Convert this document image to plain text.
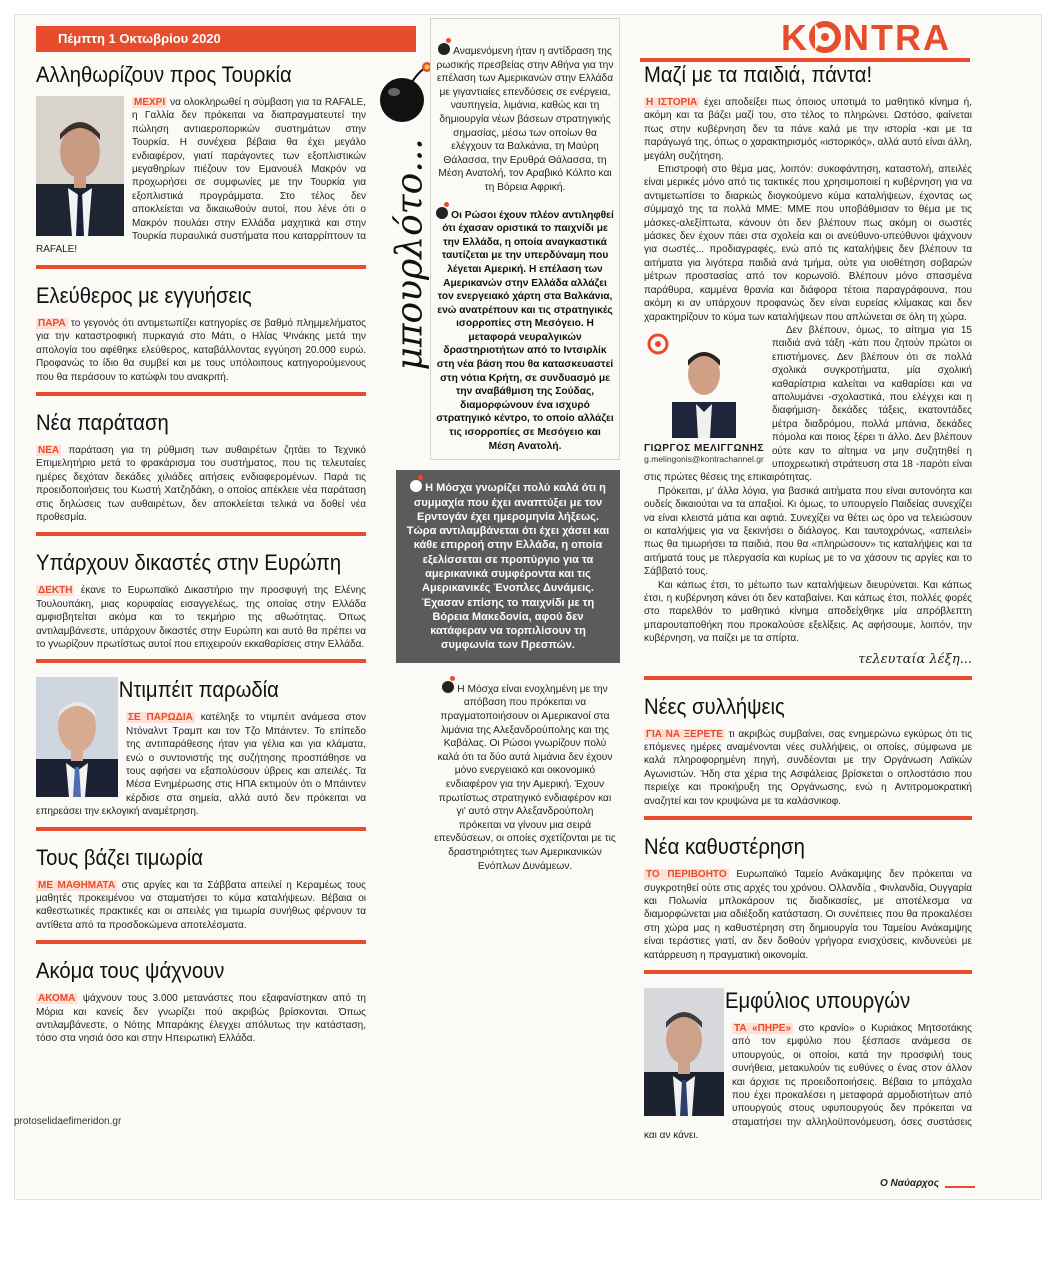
Πέμπτη 1 Οκτωβρίου 2020	K NTRA
Αλληθωρίζουν προς Τουρκία

ΜΕΧΡΙ να ολοκληρωθεί η σύμβαση για τα RAFALE, η Γαλλία δεν πρόκειται να διαπραγματευτεί την πώληση αντιαεροπορικών συστημάτων στην Τουρκία. Η συνέχεια βέβαια θα έχει μεγάλο ενδιαφέρον, γιατί παράγοντες των εξοπλιστικών μεγαθηρίων πιέζουν τον Εμανουέλ Μακρόν να προχωρήσει σε συμφωνίες με την Τουρκία για εξοπλιστικά προγράμματα. Στο τέλος δεν αποκλείεται να δικαιωθούν αυτοί, που λένε ότι ο Μακρόν πουλάει στην Ελλάδα μαχητικά και στην Τουρκία πυραυλικά συστήματα που καταρρίπτουν τα RAFALE!

Ελεύθερος με εγγυήσεις

ΠΑΡΑ το γεγονός ότι αντιμετωπίζει κατηγορίες σε βαθμό πλημμελήματος για την καταστροφική πυρκαγιά στο Μάτι, ο Ηλίας Ψινάκης μετά την απολογία του αφέθηκε ελεύθερος, καταβάλλοντας εγγύηση 20.000 ευρώ. Προφανώς το ίδιο θα συμβεί και με τους υπόλοιπους κατηγορούμενους που θα περάσουν το κατώφλι του ανακριτή.

Νέα παράταση

ΝΕΑ παράταση για τη ρύθμιση των αυθαιρέτων ζητάει το Τεχνικό Επιμελητήριο μετά το φρακάρισμα του συστήματος, που τις τελευταίες ημέρες δεχόταν δεκάδες χιλιάδες αιτήσεις ενδιαφερομένων. Παρά τις προειδοποιήσεις του Κωστή Χατζηδάκη, ο οποίος απέκλειε νέα παράταση στις δηλώσεις των αυθαιρέτων, δεν αποκλείεται τελικά να δοθεί νέα προθεσμία.

Υπάρχουν δικαστές στην Ευρώπη

ΔΕΚΤΗ έκανε το Ευρωπαϊκό Δικαστήριο την προσφυγή της Ελένης Τουλουπάκη, μιας κορυφαίας εισαγγελέως, της οποίας στην Ελλάδα αμφισβητείται ακόμα και το τεκμήριο της αθωότητας. Όπως αντιλαμβάνεστε, υπάρχουν δικαστές στην Ευρώπη και αυτό θα πρέπει να το γνωρίζουν πρωτίστως αυτοί που επιχειρούν εκκαθαρίσεις στην Ελλάδα.

Ντιμπέιτ παρωδία

ΣΕ ΠΑΡΩΔΙΑ κατέληξε το ντιμπέιτ ανάμεσα στον Ντόναλντ Τραμπ και τον Τζο Μπάιντεν. Το επίπεδο της αντιπαράθεσης ήταν για γέλια και για κλάματα, ενώ ο συντονιστής της συζήτησης προσπάθησε να τους αφήσει να εξαπολύσουν ύβρεις και απειλές. Τα Μέσα Ενημέρωσης στις ΗΠΑ εκτιμούν ότι ο Μπάιντεν κέρδισε στα σημεία, αλλά αυτό δεν πρόκειται να επηρεάσει την εκλογική αναμέτρηση.

Τους βάζει τιμωρία

ΜΕ ΜΑΘΗΜΑΤΑ στις αργίες και τα Σάββατα απειλεί η Κεραμέως τους μαθητές προκειμένου να σταματήσει το κύμα καταλήψεων. Βέβαια οι καθεστωτικές πρακτικές και οι απειλές για τιμωρία συνήθως φέρνουν τα αντίθετα από τα προσδοκώμενα αποτελέσματα.

Ακόμα τους ψάχνουν

ΑΚΟΜΑ ψάχνουν τους 3.000 μετανάστες που εξαφανίστηκαν από τη Μόρια και κανείς δεν γνωρίζει πού ακριβώς βρίσκονται. Όπως αντιλαμβάνεστε, ο Νότης Μπαράκης έλεγχει απόλυτως την κατάσταση, τόσο στα νησιά όσο και στην Ηπειρωτική Ελλάδα.

μπουρλότο...

Αναμενόμενη ήταν η αντίδραση της ρωσικής πρεσβείας στην Αθήνα για την επέλαση των Αμερικανών στην Ελλάδα με γιγαντιαίες επενδύσεις σε ενέργεια, ναυπηγεία, λιμάνια, καθώς και τη δημιουργία νέων βάσεων στρατηγικής σημασίας, μέσω των οποίων θα ελέγχουν τα Βαλκάνια, τη Μαύρη Θάλασσα, την Ερυθρά Θάλασσα, τη Μέση Ανατολή, τον Αραβικό Κόλπο και τη Βόρεια Αφρική.

Οι Ρώσοι έχουν πλέον αντιληφθεί ότι έχασαν οριστικά το παιχνίδι με την Ελλάδα, η οποία αναγκαστικά ταυτίζεται με την υπερδύναμη που λέγεται Αμερική. Η επέλαση των Αμερικανών στην Ελλάδα αλλάζει τον ενεργειακό χάρτη στα Βαλκάνια, ενώ ανατρέπουν και τις στρατηγικές ισορροπίες στη Μεσόγειο. Η μεταφορά νευραλγικών δραστηριοτήτων από το Ιντσιρλίκ στη νέα βάση που θα κατασκευαστεί στη νότια Κρήτη, σε συνδυασμό με την αναβάθμιση της Σούδας, διαμορφώνουν ένα ισχυρό στρατηγικό κέντρο, το οποίο αλλάζει τις ισορροπίες σε Μεσόγειο και Μέση Ανατολή.

Η Μόσχα γνωρίζει πολύ καλά ότι η συμμαχία που έχει αναπτύξει με τον Ερντογάν έχει ημερομηνία λήξεως. Τώρα αντιλαμβάνεται ότι έχει χάσει και κάθε επιρροή στην Ελλάδα, η οποία εξελίσσεται σε προπύργιο για τα αμερικανικά συμφέροντα και τις Αμερικανικές Ένοπλες Δυνάμεις. Έχασαν επίσης το παιχνίδι με τη Βόρεια Μακεδονία, αφού δεν κατάφεραν να τορπιλίσουν τη συμφωνία των Πρεσπών.

Η Μόσχα είναι ενοχλημένη με την απόβαση που πρόκειται να πραγματοποιήσουν οι Αμερικανοί στα λιμάνια της Αλεξανδρούπολης και της Καβάλας. Οι Ρώσοι γνωρίζουν πολύ καλά ότι τα δύο αυτά λιμάνια δεν έχουν μόνο ενεργειακό και οικονομικό ενδιαφέρον για την Αμερική. Έχουν πρωτίστως στρατηγικό ενδιαφέρον και γι' αυτό στην Αλεξανδρούπολη πρόκειται να γίνουν μια σειρά επενδύσεων, οι οποίες σχετίζονται με τις δραστηριότητες των Αμερικανικών Ενόπλων Δυνάμεων.

Μαζί με τα παιδιά, πάντα!

Η ΙΣΤΟΡΙΑ έχει αποδείξει πως όποιος υποτιμά το μαθητικό κίνημα ή, ακόμη και τα βάζει μαζί του, στο τέλος το πληρώνει. Ωστόσο, φαίνεται πως στην κυβέρνηση δεν τα πάνε καλά με την ιστορία -και με τα παράγωγά της, όπως ο χαρακτηρισμός «ιστορικός», αλλά αυτό είναι άλλη, μεγάλη συζήτηση.

Επιστροφή στο θέμα μας, λοιπόν: συκοφάντηση, καταστολή, απειλές είναι μερικές μόνο από τις τακτικές που χρησιμοποιεί η κυβέρνηση για να αντιμετωπίσει το διαρκώς διογκούμενο κύμα καταλήψεων, έχοντας ως σύμμαχό της τα πολλά ΜΜΕ: ΜΜΕ που υποβάθμισαν το θέμα με τις μάσκες-αλεξίπτωτα, κάνουν ότι δεν βλέπουν πως ακόμη οι σωστές μάσκες δεν έχουν πάει στα σχολεία και οι ανεύθυνο-υπεύθυνοι ψάχνουν για σωστές... προδιαγραφές, ενώ από τις καταλήψεις δεν βλέπουν τα αιτήματα για λιγότερα παιδιά ανά τμήμα, ούτε για υιοθέτηση σοβαρών μέτρων προστασίας από τον κορωνοϊό. Βλέπουν μόνο σπασμένα παράθυρα, καμμένα θρανία και διάφορα τέτοια παραγράφουνα, που ακόμη κι αν υπάρχουν προφανώς δεν είναι ευρείας κλίμακας και δεν χαρακτηρίζουν το κύμα των καταλήψεων που απλώνεται σε όλη τη χώρα.

ΓΙΩΡΓΟΣ ΜΕΛΙΓΓΩΝΗΣ
g.melingonis@kontrachannel.gr

Δεν βλέπουν, όμως, το αίτημα για 15 παιδιά ανά τάξη -κάτι που ζητούν πρώτοι οι επιστήμονες. Δεν βλέπουν ότι σε πολλά σχολικά συγκροτήματα, μία σχολική καθαρίστρια καλείται να καθαρίσει και να απολυμάνει -σχολαστικά, που ελέγχει και η διαφήμιση- δεκάδες τάξεις, εκατοντάδες μέτρα διαδρόμου, πολλά μπάνια, δεκάδες πόμολα και ποιος ξέρει τι άλλο. Δεν βλέπουν ούτε καν το αίτημα να μην συζητηθεί η υποχρεωτική στράτευση στα 18 -παρότι είναι στις πρώτες θέσεις της επικαιρότητας.

Πρόκειται, μ' άλλα λόγια, για βασικά αιτήματα που είναι αυτονόητα και ουδείς δικαιούται να τα απαξιοί. Κι όμως, το υπουργείο Παιδείας συνεχίζει να είναι κλειστά μάτια και αφτιά. Συνεχίζει να θέτει ως όρο να τελειώσουν οι καταλήψεις για να ξεκινήσει ο διάλογος. Και ταυτοχρόνως, «απειλεί» πως θα τιμωρήσει τα παιδιά, που θα «πληρώσουν» τις καταλήψεις και τα αιτήματά τους με πλεργασία και κυρίως με το να χάσουν τις αργίες και το Σάββατό τους.

Και κάπως έτσι, το μέτωπο των καταλήψεων διευρύνεται. Και κάπως έτσι, η κυβέρνηση κάνει ότι δεν καταβαίνει. Και κάπως έτσι, πολλές φορές στο παρελθόν το μαθητικό κίνημα αποδείχθηκε μία απρόβλεπτη μπαρουταποθήκη που προκαλούσε εξελίξεις. Ας αφήσουμε, λοιπόν, την κυβέρνηση, να παίζει με τα σπίρτα.

τελευταία λέξη...
Νέες συλλήψεις

ΓΙΑ ΝΑ ΞΕΡΕΤΕ τι ακριβώς συμβαίνει, σας ενημερώνω εγκύρως ότι τις επόμενες ημέρες αναμένονται νέες συλλήψεις, οι οποίες, σύμφωνα με καλά πληροφορημένη πηγή, συνδέονται με την Οργάνωση Λαϊκών Αγωνιστών. Ήδη στα χέρια της Ασφάλειας βρίσκεται ο οπλοστάσιο που περιείχε και προκήρυξη της Οργάνωσης, ενώ η Αντιτρομοκρατική αναζητεί και τον κρυψώνα με τα καλάσνικοφ.

Νέα καθυστέρηση

ΤΟ ΠΕΡΙΒΟΗΤΟ Ευρωπαϊκό Ταμείο Ανάκαμψης δεν πρόκειται να συγκροτηθεί ούτε στις αρχές του χρόνου. Ολλανδία , Φινλανδία, Ουγγαρία και Πολωνία μπλοκάρουν τις διαδικασίες, με αποτέλεσμα να διαμορφώνεται μια αδιέξοδη κατάσταση. Οι συνέπειες που θα προκαλέσει στη χώρα μας η καθυστέρηση στη δημιουργία του Ταμείου Ανάκαμψης είναι τεράστιες γιατί, αν δεν δοθούν γρήγορα ενισχύσεις, κινδυνεύει με κατάρρευση η πραγματική οικονομία.

Εμφύλιος υπουργών

ΤΑ «ΠΗΡΕ» στο κρανίο» ο Κυριάκος Μητσοτάκης από τον εμφύλιο που ξέσπασε ανάμεσα σε υπουργούς, οι οποίοι, κατά την προσφιλή τους συνήθεια, μετακυλούν τις ευθύνες ο ένας στον άλλον και άρχισε τις προειδοποιήσεις. Βέβαια το μπάχαλο που έχει προκαλέσει η μεταφορά αρμοδιοτήτων από υπουργούς στους υφυπουργούς δεν πρόκειται να σταματήσει την αλληλοϋπονόμευση, όσες συστάσεις και αν κάνει.

protoselidaefimeridon.gr
Ο Ναύαρχος
